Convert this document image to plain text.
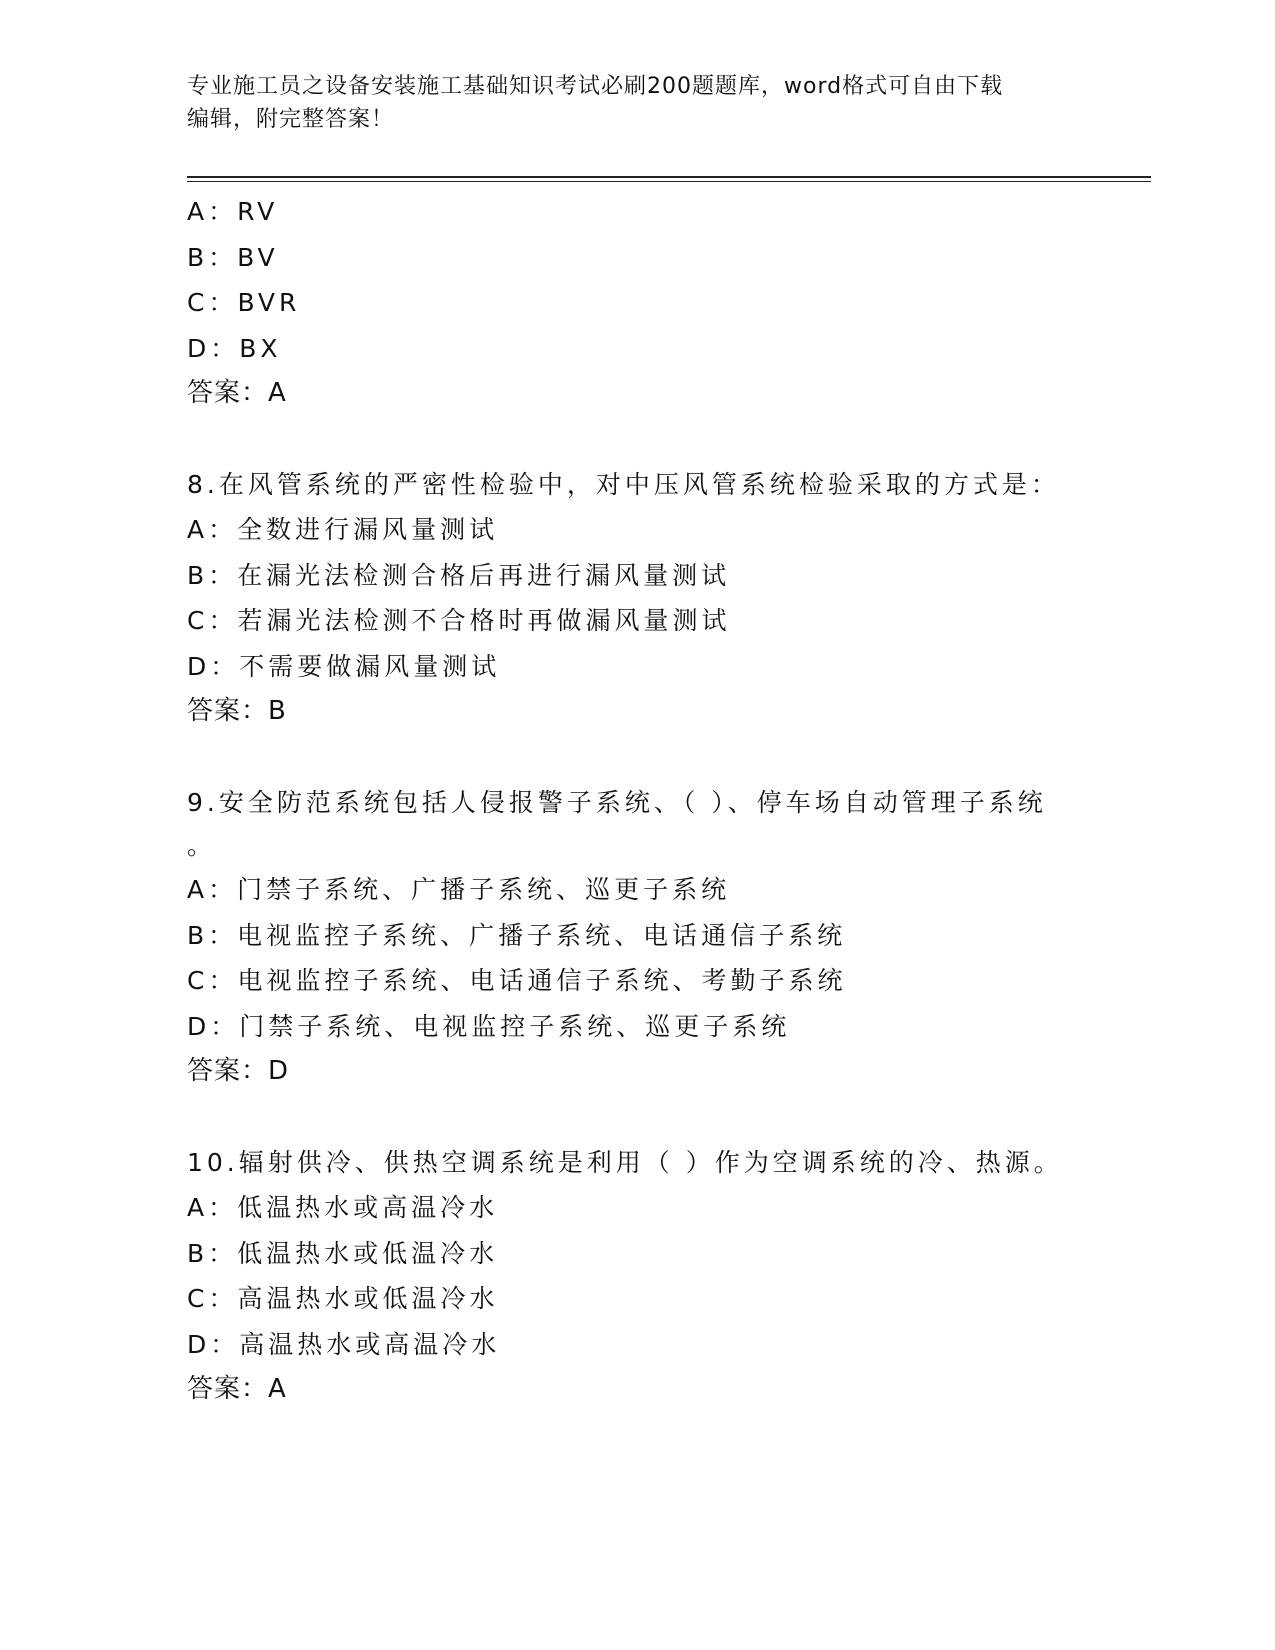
专业施工员之设备安装施工基础知识考试必刷200题题库，word格式可自由下载
编辑，附完整答案！
A：RV
B：BV
C：BVR
D：BX
答案：A
8.在风管系统的严密性检验中，对中压风管系统检验采取的方式是：
A：全数进行漏风量测试
B：在漏光法检测合格后再进行漏风量测试
C：若漏光法检测不合格时再做漏风量测试
D：不需要做漏风量测试
答案：B
9.安全防范系统包括人侵报警子系统、（ ）、停车场自动管理子系统
。
A：门禁子系统、广播子系统、巡更子系统
B：电视监控子系统、广播子系统、电话通信子系统
C：电视监控子系统、电话通信子系统、考勤子系统
D：门禁子系统、电视监控子系统、巡更子系统
答案：D
10.辐射供冷、供热空调系统是利用（ ）作为空调系统的冷、热源。
A：低温热水或高温冷水
B：低温热水或低温冷水
C：高温热水或低温冷水
D：高温热水或高温冷水
答案：A
